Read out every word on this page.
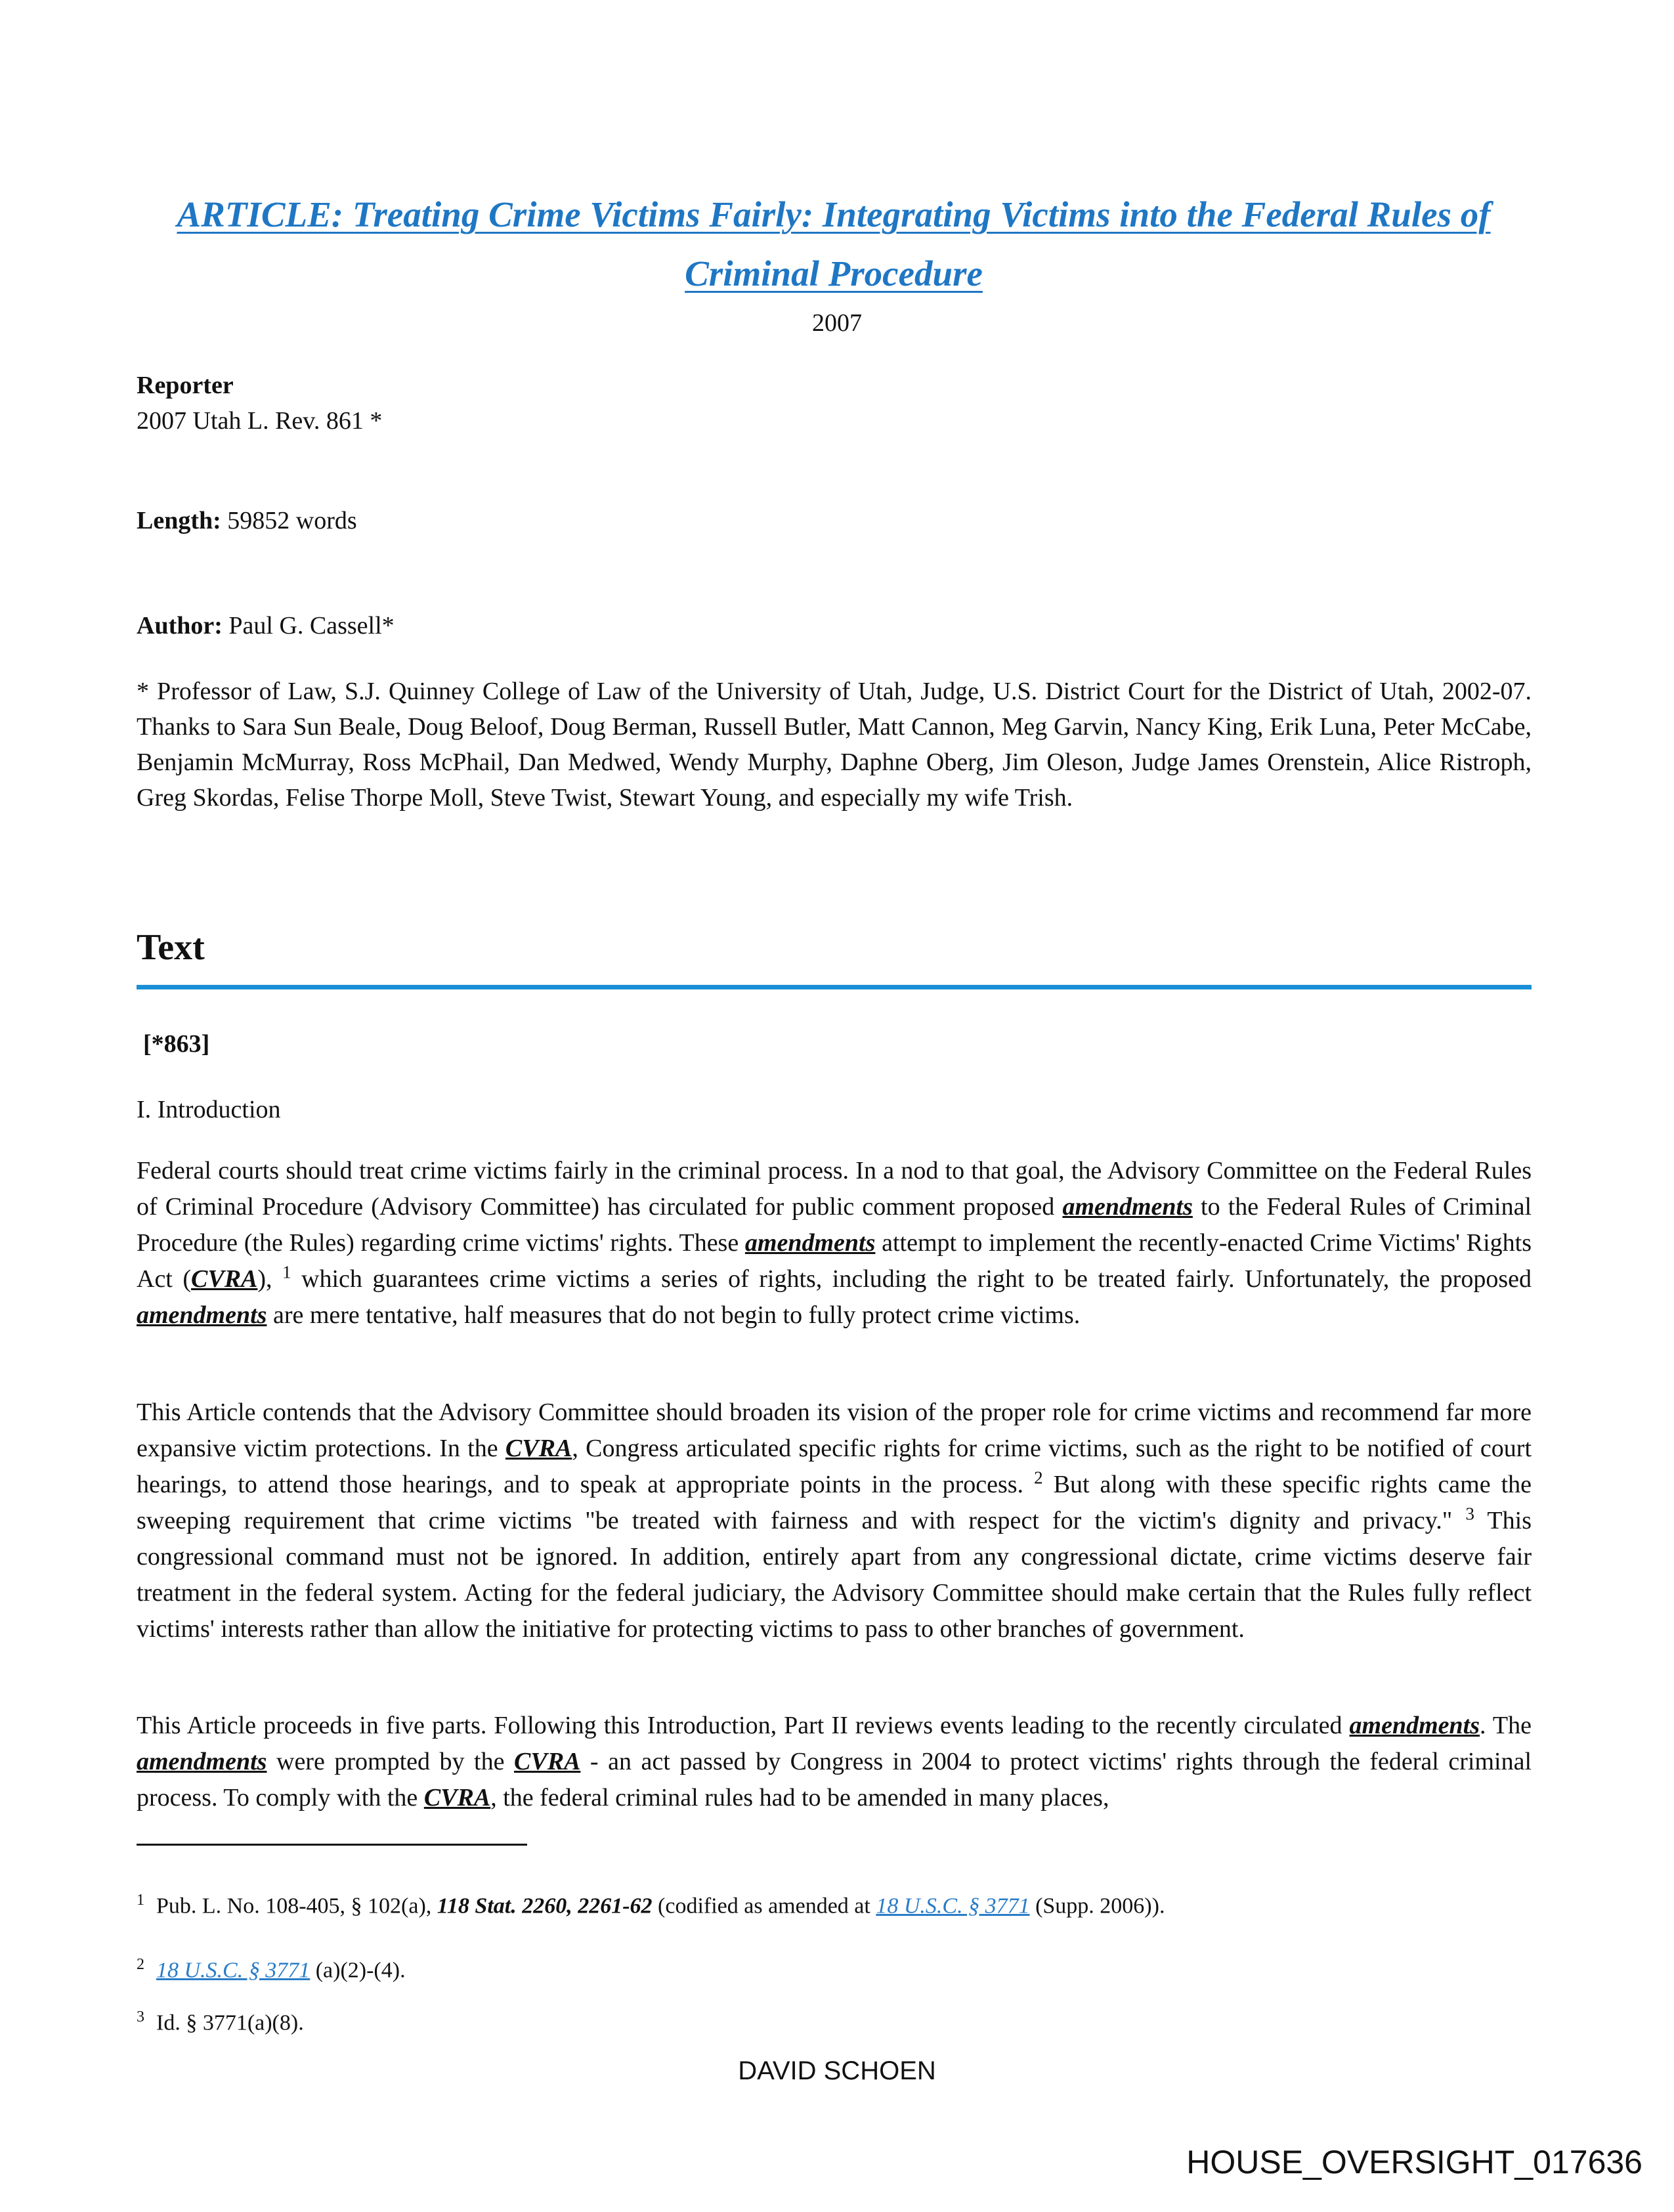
ARTICLE: Treating Crime Victims Fairly: Integrating Victims into the Federal Rules of Criminal Procedure
2007
Reporter
2007 Utah L. Rev. 861 *
Length: 59852 words
Author: Paul G. Cassell*
* Professor of Law, S.J. Quinney College of Law of the University of Utah, Judge, U.S. District Court for the District of Utah, 2002-07. Thanks to Sara Sun Beale, Doug Beloof, Doug Berman, Russell Butler, Matt Cannon, Meg Garvin, Nancy King, Erik Luna, Peter McCabe, Benjamin McMurray, Ross McPhail, Dan Medwed, Wendy Murphy, Daphne Oberg, Jim Oleson, Judge James Orenstein, Alice Ristroph, Greg Skordas, Felise Thorpe Moll, Steve Twist, Stewart Young, and especially my wife Trish.
Text
[*863]
I. Introduction
Federal courts should treat crime victims fairly in the criminal process. In a nod to that goal, the Advisory Committee on the Federal Rules of Criminal Procedure (Advisory Committee) has circulated for public comment proposed amendments to the Federal Rules of Criminal Procedure (the Rules) regarding crime victims' rights. These amendments attempt to implement the recently-enacted Crime Victims' Rights Act (CVRA), $^1$ which guarantees crime victims a series of rights, including the right to be treated fairly. Unfortunately, the proposed amendments are mere tentative, half measures that do not begin to fully protect crime victims.
This Article contends that the Advisory Committee should broaden its vision of the proper role for crime victims and recommend far more expansive victim protections. In the CVRA, Congress articulated specific rights for crime victims, such as the right to be notified of court hearings, to attend those hearings, and to speak at appropriate points in the process. $^2$ But along with these specific rights came the sweeping requirement that crime victims "be treated with fairness and with respect for the victim's dignity and privacy." $^3$ This congressional command must not be ignored. In addition, entirely apart from any congressional dictate, crime victims deserve fair treatment in the federal system. Acting for the federal judiciary, the Advisory Committee should make certain that the Rules fully reflect victims' interests rather than allow the initiative for protecting victims to pass to other branches of government.
This Article proceeds in five parts. Following this Introduction, Part II reviews events leading to the recently circulated amendments. The amendments were prompted by the CVRA - an act passed by Congress in 2004 to protect victims' rights through the federal criminal process. To comply with the CVRA, the federal criminal rules had to be amended in many places,
$^1$ Pub. L. No. 108-405, § 102(a), 118 Stat. 2260, 2261-62 (codified as amended at 18 U.S.C. § 3771 (Supp. 2006)).
$^2$ 18 U.S.C. § 3771 (a)(2)-(4).
$^3$ Id. § 3771(a)(8).
DAVID SCHOEN
HOUSE_OVERSIGHT_017636
